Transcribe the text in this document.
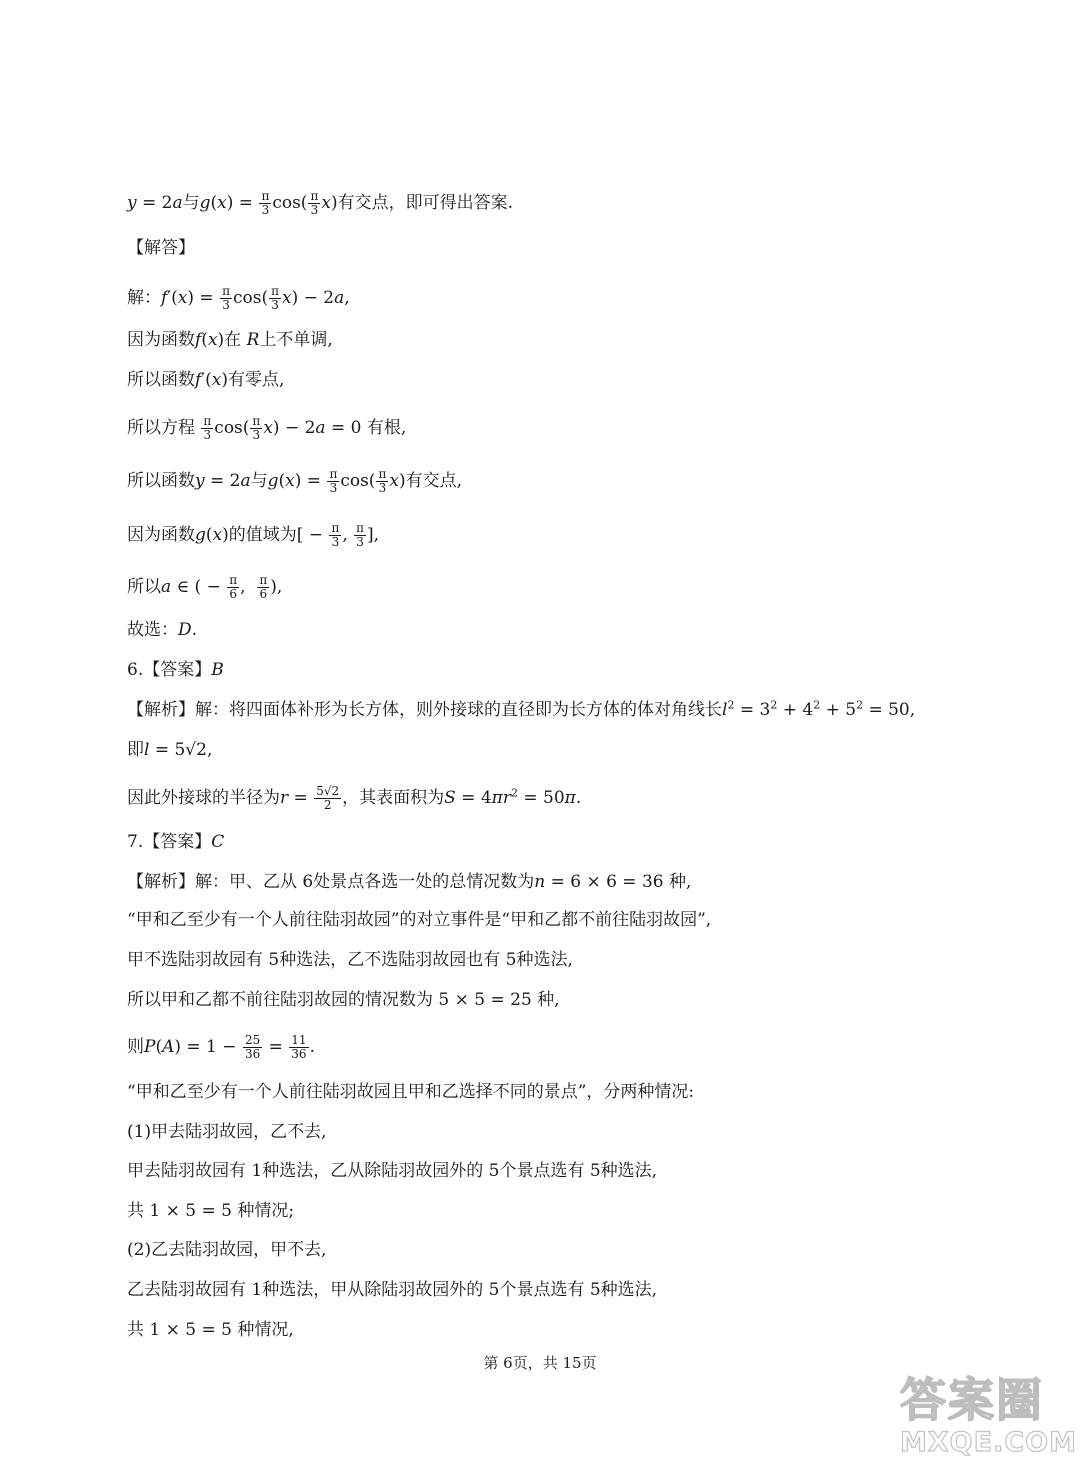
y = 2a与$g(x) = \frac{\pi}{3} \cos( \frac{\pi}{3} x)$有交点，即可得出答案.
【解答】
解：$f'(x) = \frac{\pi}{3} \cos( \frac{\pi}{3} x) - 2a$,
因为函数f(x)在 R上不单调,
所以函数f′(x)有零点,
所以方程 $\frac{\pi}{3} \cos( \frac{\pi}{3} x) - 2a = 0$ 有根,
所以函数y = 2a与$g(x) = \frac{\pi}{3} \cos( \frac{\pi}{3} x)$有交点,
因为函数g(x)的值域为[ − $\frac{\pi}{3}$ , $\frac{\pi}{3}$ ],
所以a ∈ ( − $\frac{\pi}{6}$ , $\frac{\pi}{6}$ ),
故选：D.
6.【答案】B
【解析】解：将四面体补形为长方体，则外接球的直径即为长方体的体对角线长$l^2 = 3^2 + 4^2 + 5^2 = 50$,
即l = 5√2,
因此外接球的半径为$r = \frac{5√2}{2}$ ，其表面积为$S = 4\pi r^2 = 50\pi$.
7.【答案】C
【解析】解：甲、乙从 6处景点各选一处的总情况数为n = 6 × 6 = 36 种,
“甲和乙至少有一个人前往陆羽故园”的对立事件是“甲和乙都不前往陆羽故园”,
甲不选陆羽故园有 5种选法，乙不选陆羽故园也有 5种选法,
所以甲和乙都不前往陆羽故园的情况数为 5 × 5 = 25 种,
则$P(A) = 1 - \frac{25}{36} = \frac{11}{36}$ .
“甲和乙至少有一个人前往陆羽故园且甲和乙选择不同的景点”，分两种情况:
(1)甲去陆羽故园，乙不去,
甲去陆羽故园有 1种选法，乙从除陆羽故园外的 5个景点选有 5种选法,
共 1 × 5 = 5 种情况;
(2)乙去陆羽故园，甲不去,
乙去陆羽故园有 1种选法，甲从除陆羽故园外的 5个景点选有 5种选法,
共 1 × 5 = 5 种情况,
第 6页，共 15页
答案圈
MXQE.COM
